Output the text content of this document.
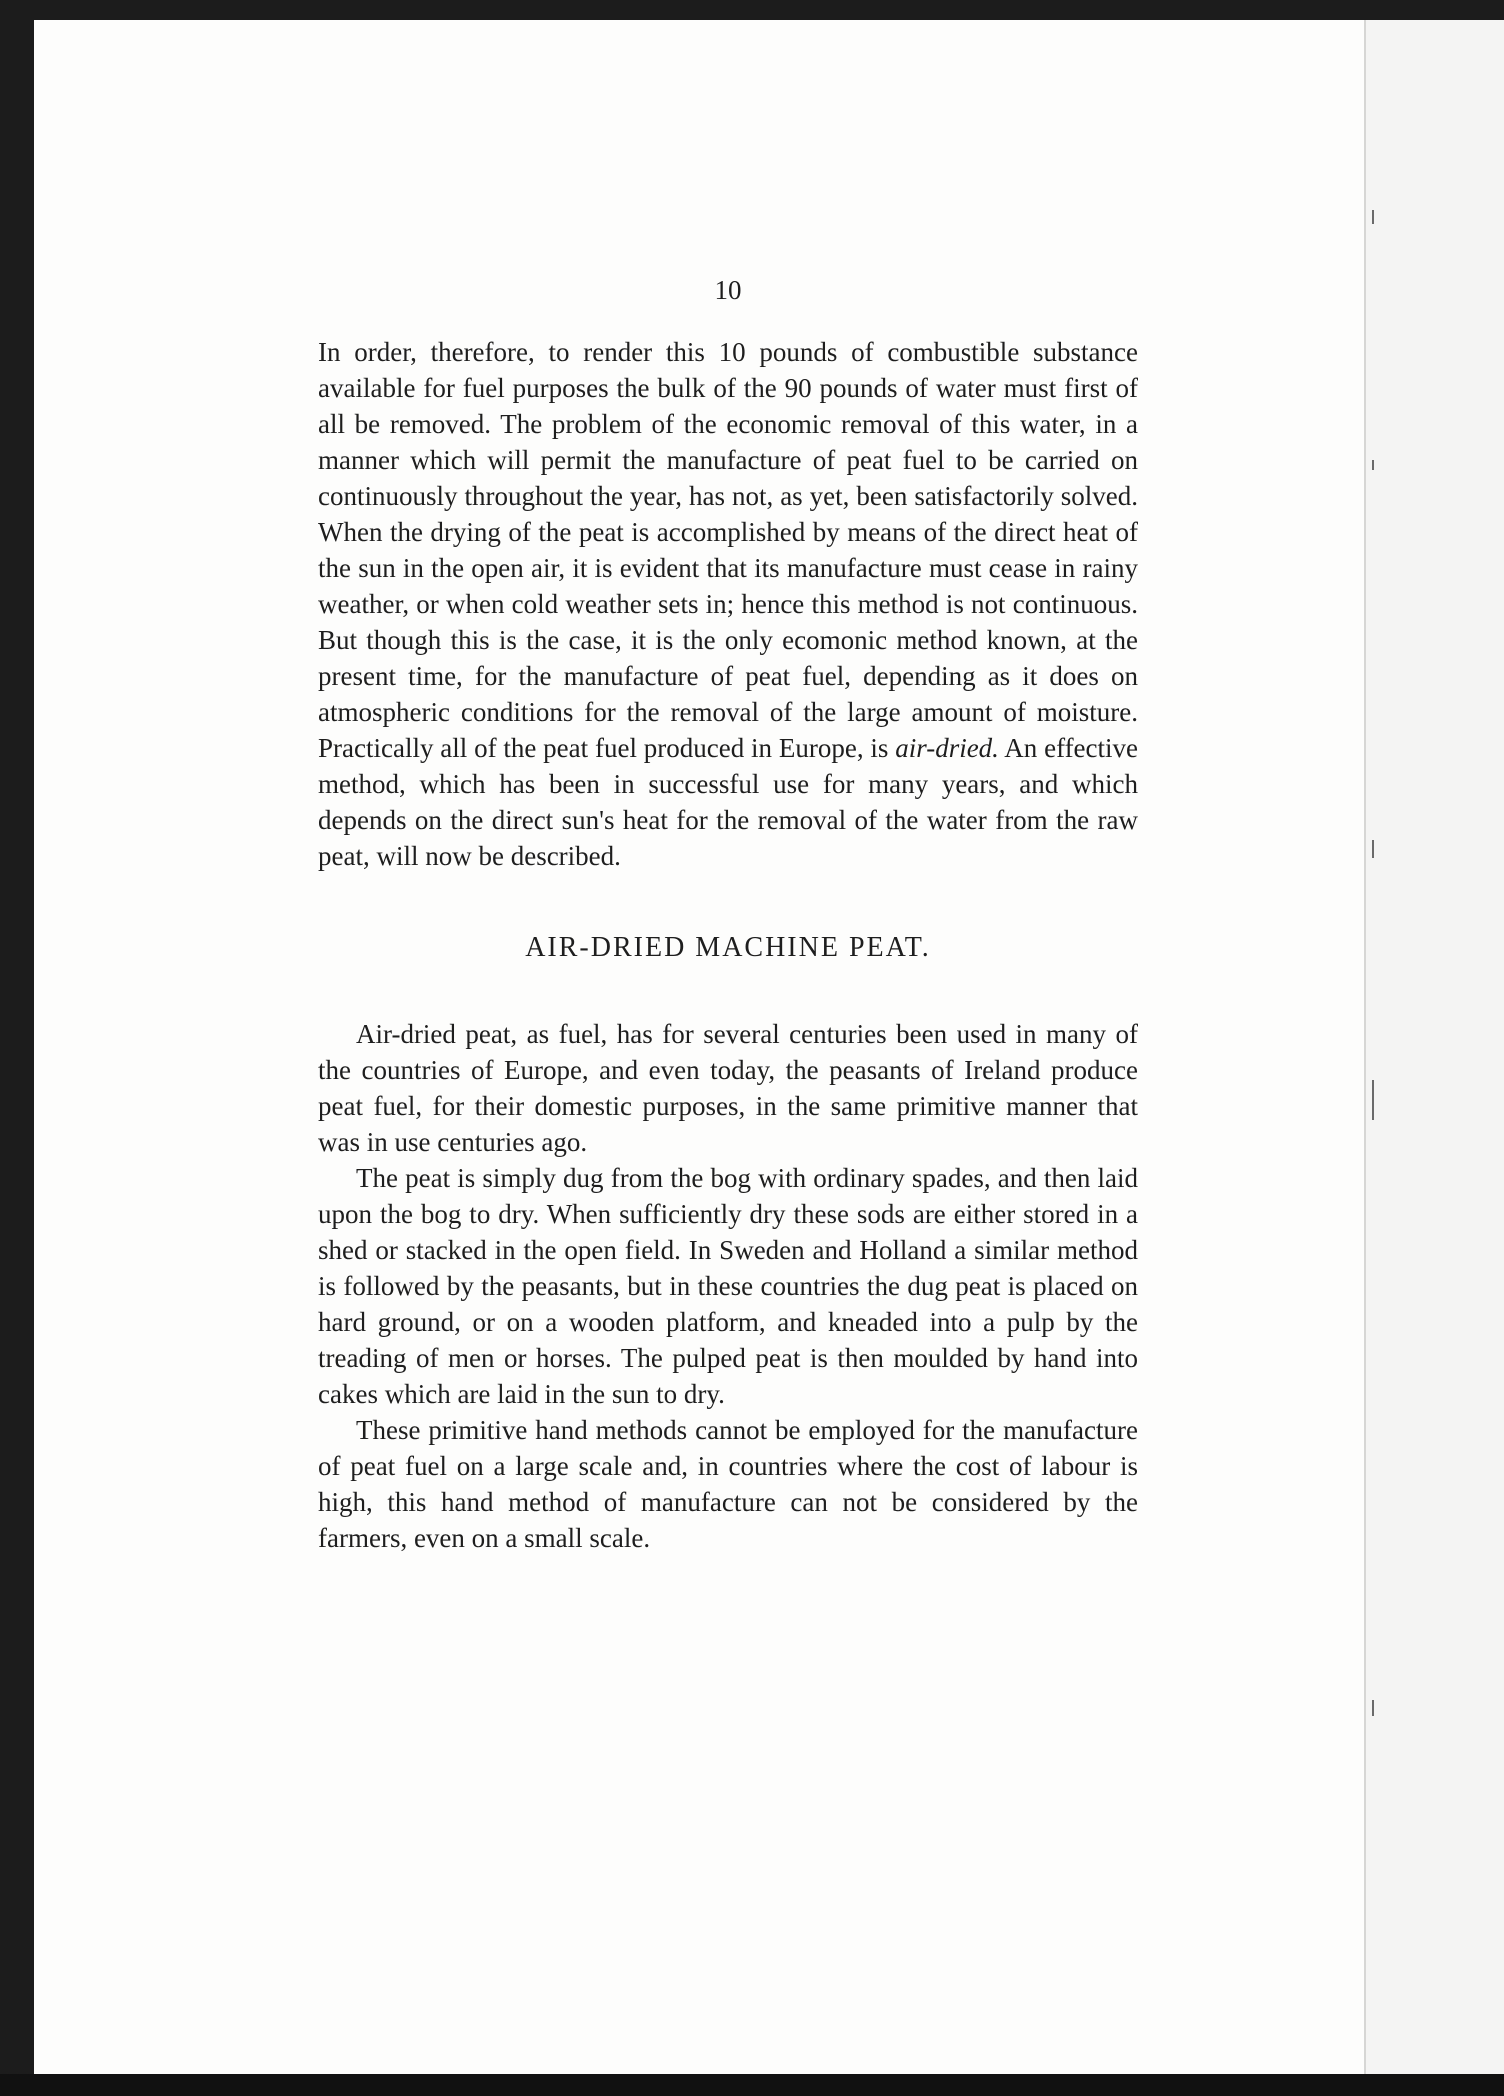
10

In order, therefore, to render this 10 pounds of combustible substance available for fuel purposes the bulk of the 90 pounds of water must first of all be removed. The problem of the economic removal of this water, in a manner which will permit the manufacture of peat fuel to be carried on continuously throughout the year, has not, as yet, been satisfactorily solved. When the drying of the peat is accomplished by means of the direct heat of the sun in the open air, it is evident that its manufacture must cease in rainy weather, or when cold weather sets in; hence this method is not continuous. But though this is the case, it is the only ecomonic method known, at the present time, for the manufacture of peat fuel, depending as it does on atmospheric conditions for the removal of the large amount of moisture. Practically all of the peat fuel produced in Europe, is air-dried. An effective method, which has been in successful use for many years, and which depends on the direct sun's heat for the removal of the water from the raw peat, will now be described.

AIR-DRIED MACHINE PEAT.

Air-dried peat, as fuel, has for several centuries been used in many of the countries of Europe, and even today, the peasants of Ireland produce peat fuel, for their domestic purposes, in the same primitive manner that was in use centuries ago.

The peat is simply dug from the bog with ordinary spades, and then laid upon the bog to dry. When sufficiently dry these sods are either stored in a shed or stacked in the open field. In Sweden and Holland a similar method is followed by the peasants, but in these countries the dug peat is placed on hard ground, or on a wooden platform, and kneaded into a pulp by the treading of men or horses. The pulped peat is then moulded by hand into cakes which are laid in the sun to dry.

These primitive hand methods cannot be employed for the manufacture of peat fuel on a large scale and, in countries where the cost of labour is high, this hand method of manufacture can not be considered by the farmers, even on a small scale.
